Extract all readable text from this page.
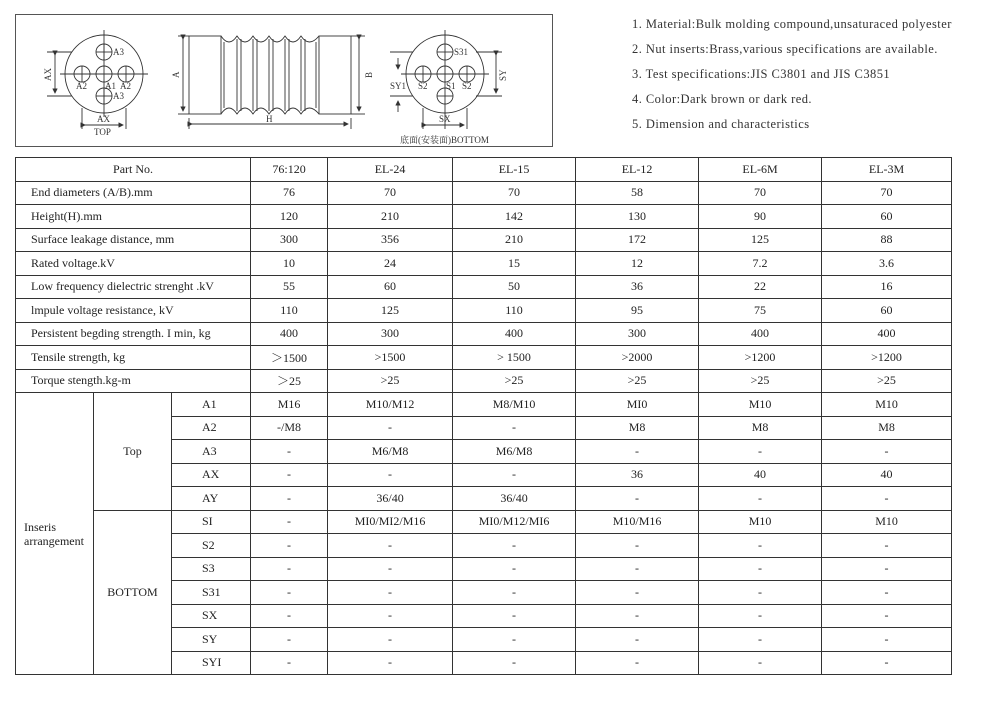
A3
A2 A1 A2
A3
AX
AX
TOP
A	B
H
S31
SY1 S2 S1 S2
SY
SX
底面(安装面)BOTTOM
1. Material:Bulk molding compound,unsaturaced polyester
2. Nut inserts:Brass,various specifications are available.
3. Test specifications:JIS C3801 and JIS C3851
4. Color:Dark brown or dark red.
5. Dimension and characteristics
Part No.			76:120	EL-24	EL-15	EL-12	EL-6M	EL-3M
End diameters (A/B).mm			76	70	70	58	70	70
Height(H).mm			120	210	142	130	90	60
Surface leakage distance, mm			300	356	210	172	125	88
Rated voltage.kV			10	24	15	12	7.2	3.6
Low frequency dielectric strenght .kV			55	60	50	36	22	16
lmpule voltage resistance, kV			110	125	110	95	75	60
Persistent begding strength. I min, kg			400	300	400	300	400	400
Tensile strength, kg			＞1500	>1500	> 1500	>2000	>1200	>1200
Torque stength.kg-m			＞25	>25	>25	>25	>25	>25
Inseris arrangement	Top	A1	M16	M10/M12	M8/M10	MI0	M10	M10
		A2	-/M8	-	-	M8	M8	M8
		A3	-	M6/M8	M6/M8	-	-	-
		AX	-	-	-	36	40	40
		AY	-	36/40	36/40	-	-	-
	BOTTOM	SI	-	MI0/MI2/M16	MI0/M12/MI6	M10/M16	M10	M10
		S2	-	-	-	-	-	-
		S3	-	-	-	-	-	-
		S31	-	-	-	-	-	-
		SX	-	-	-	-	-	-
		SY	-	-	-	-	-	-
		SYI	-	-	-	-	-	-
